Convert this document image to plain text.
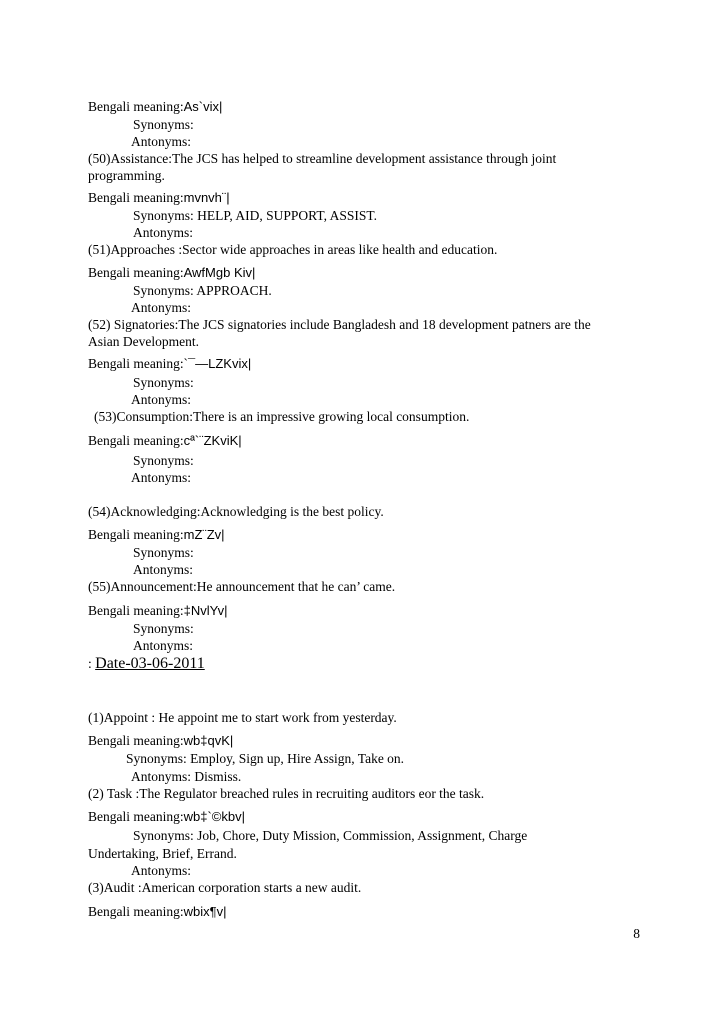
Bengali meaning:As`vix|
Synonyms:
Antonyms:
(50)Assistance:The JCS has helped to streamline development assistance through joint
programming.
Bengali meaning:mvnvh¨|
Synonyms: HELP, AID, SUPPORT, ASSIST.
Antonyms:
(51)Approaches :Sector wide approaches in areas like health and education.
Bengali meaning:AwfMgb Kiv|
Synonyms: APPROACH.
Antonyms:
(52) Signatories:The JCS signatories include Bangladesh and 18 development patners are the
Asian Development.
Bengali meaning:`¯—LZKvix|
Synonyms:
Antonyms:
(53)Consumption:There is an impressive growing local consumption.
Bengali meaning:cª`¨ZKviK|
Synonyms:
Antonyms:
(54)Acknowledging:Acknowledging is the best policy.
Bengali meaning:mZ¨Zv|
Synonyms:
Antonyms:
(55)Announcement:He announcement that he can’ came.
Bengali meaning:‡NvlYv|
Synonyms:
Antonyms:
: Date-03-06-2011
(1)Appoint : He appoint me to start work from yesterday.
Bengali meaning:wb‡qvK|
Synonyms: Employ, Sign up, Hire Assign, Take on.
Antonyms: Dismiss.
(2) Task :The Regulator breached rules in recruiting auditors eor the task.
Bengali meaning:wb‡`©kbv|
Synonyms: Job, Chore, Duty Mission, Commission, Assignment, Charge
Undertaking, Brief, Errand.
Antonyms:
(3)Audit :American corporation starts a new audit.
Bengali meaning:wbix¶v|
8
